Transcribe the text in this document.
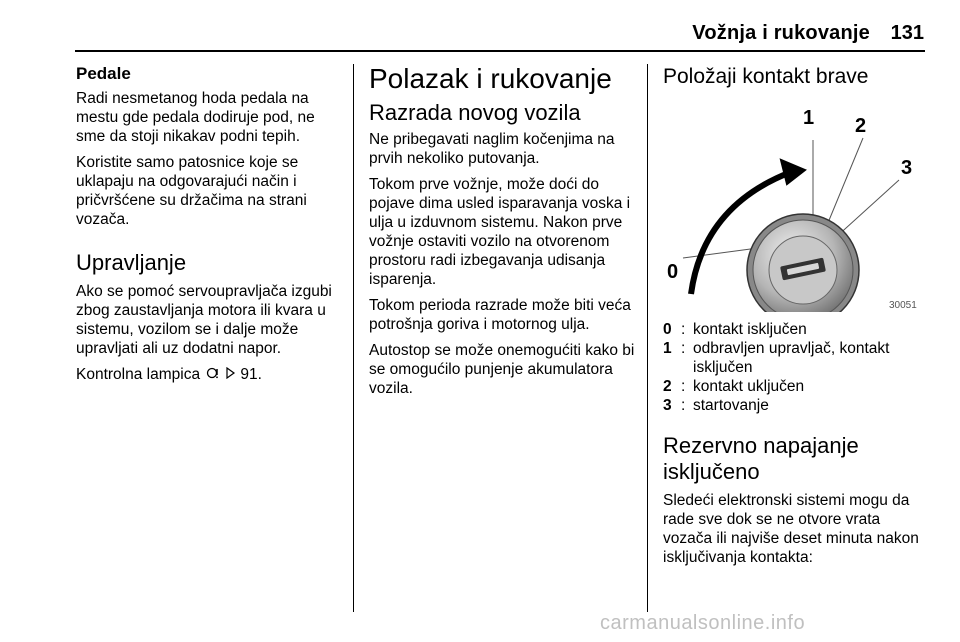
Vožnja i rukovanje	131
Pedale

Radi nesmetanog hoda pedala na mestu gde pedala dodiruje pod, ne sme da stoji nikakav podni tepih.

Koristite samo patosnice koje se uklapaju na odgovarajući način i pričvršćene su držačima na strani vozača.

Upravljanje

Ako se pomoć servoupravljača izgubi zbog zaustavljanja motora ili kvara u sistemu, vozilom se i dalje može upravljati ali uz dodatni napor.

Kontrolna lampica	91.

Polazak i rukovanje
Razrada novog vozila

Ne pribegavati naglim kočenjima na prvih nekoliko putovanja.

Tokom prve vožnje, može doći do pojave dima usled isparavanja voska i ulja u izduvnom sistemu. Nakon prve vožnje ostaviti vozilo na otvorenom prostoru radi izbegavanja udisanja isparenja.

Tokom perioda razrade može biti veća potrošnja goriva i motornog ulja.

Autostop se može onemogućiti kako bi se omogućilo punjenje akumulatora vozila.

Položaji kontakt brave
1 2
3
0
30051
0 : kontakt isključen
1 : odbravljen upravljač, kontakt isključen
2 : kontakt uključen
3 : startovanje
Rezervno napajanje isključeno

Sledeći elektronski sistemi mogu da rade sve dok se ne otvore vrata vozača ili najviše deset minuta nakon isključivanja kontakta:

carmanualsonline.info
